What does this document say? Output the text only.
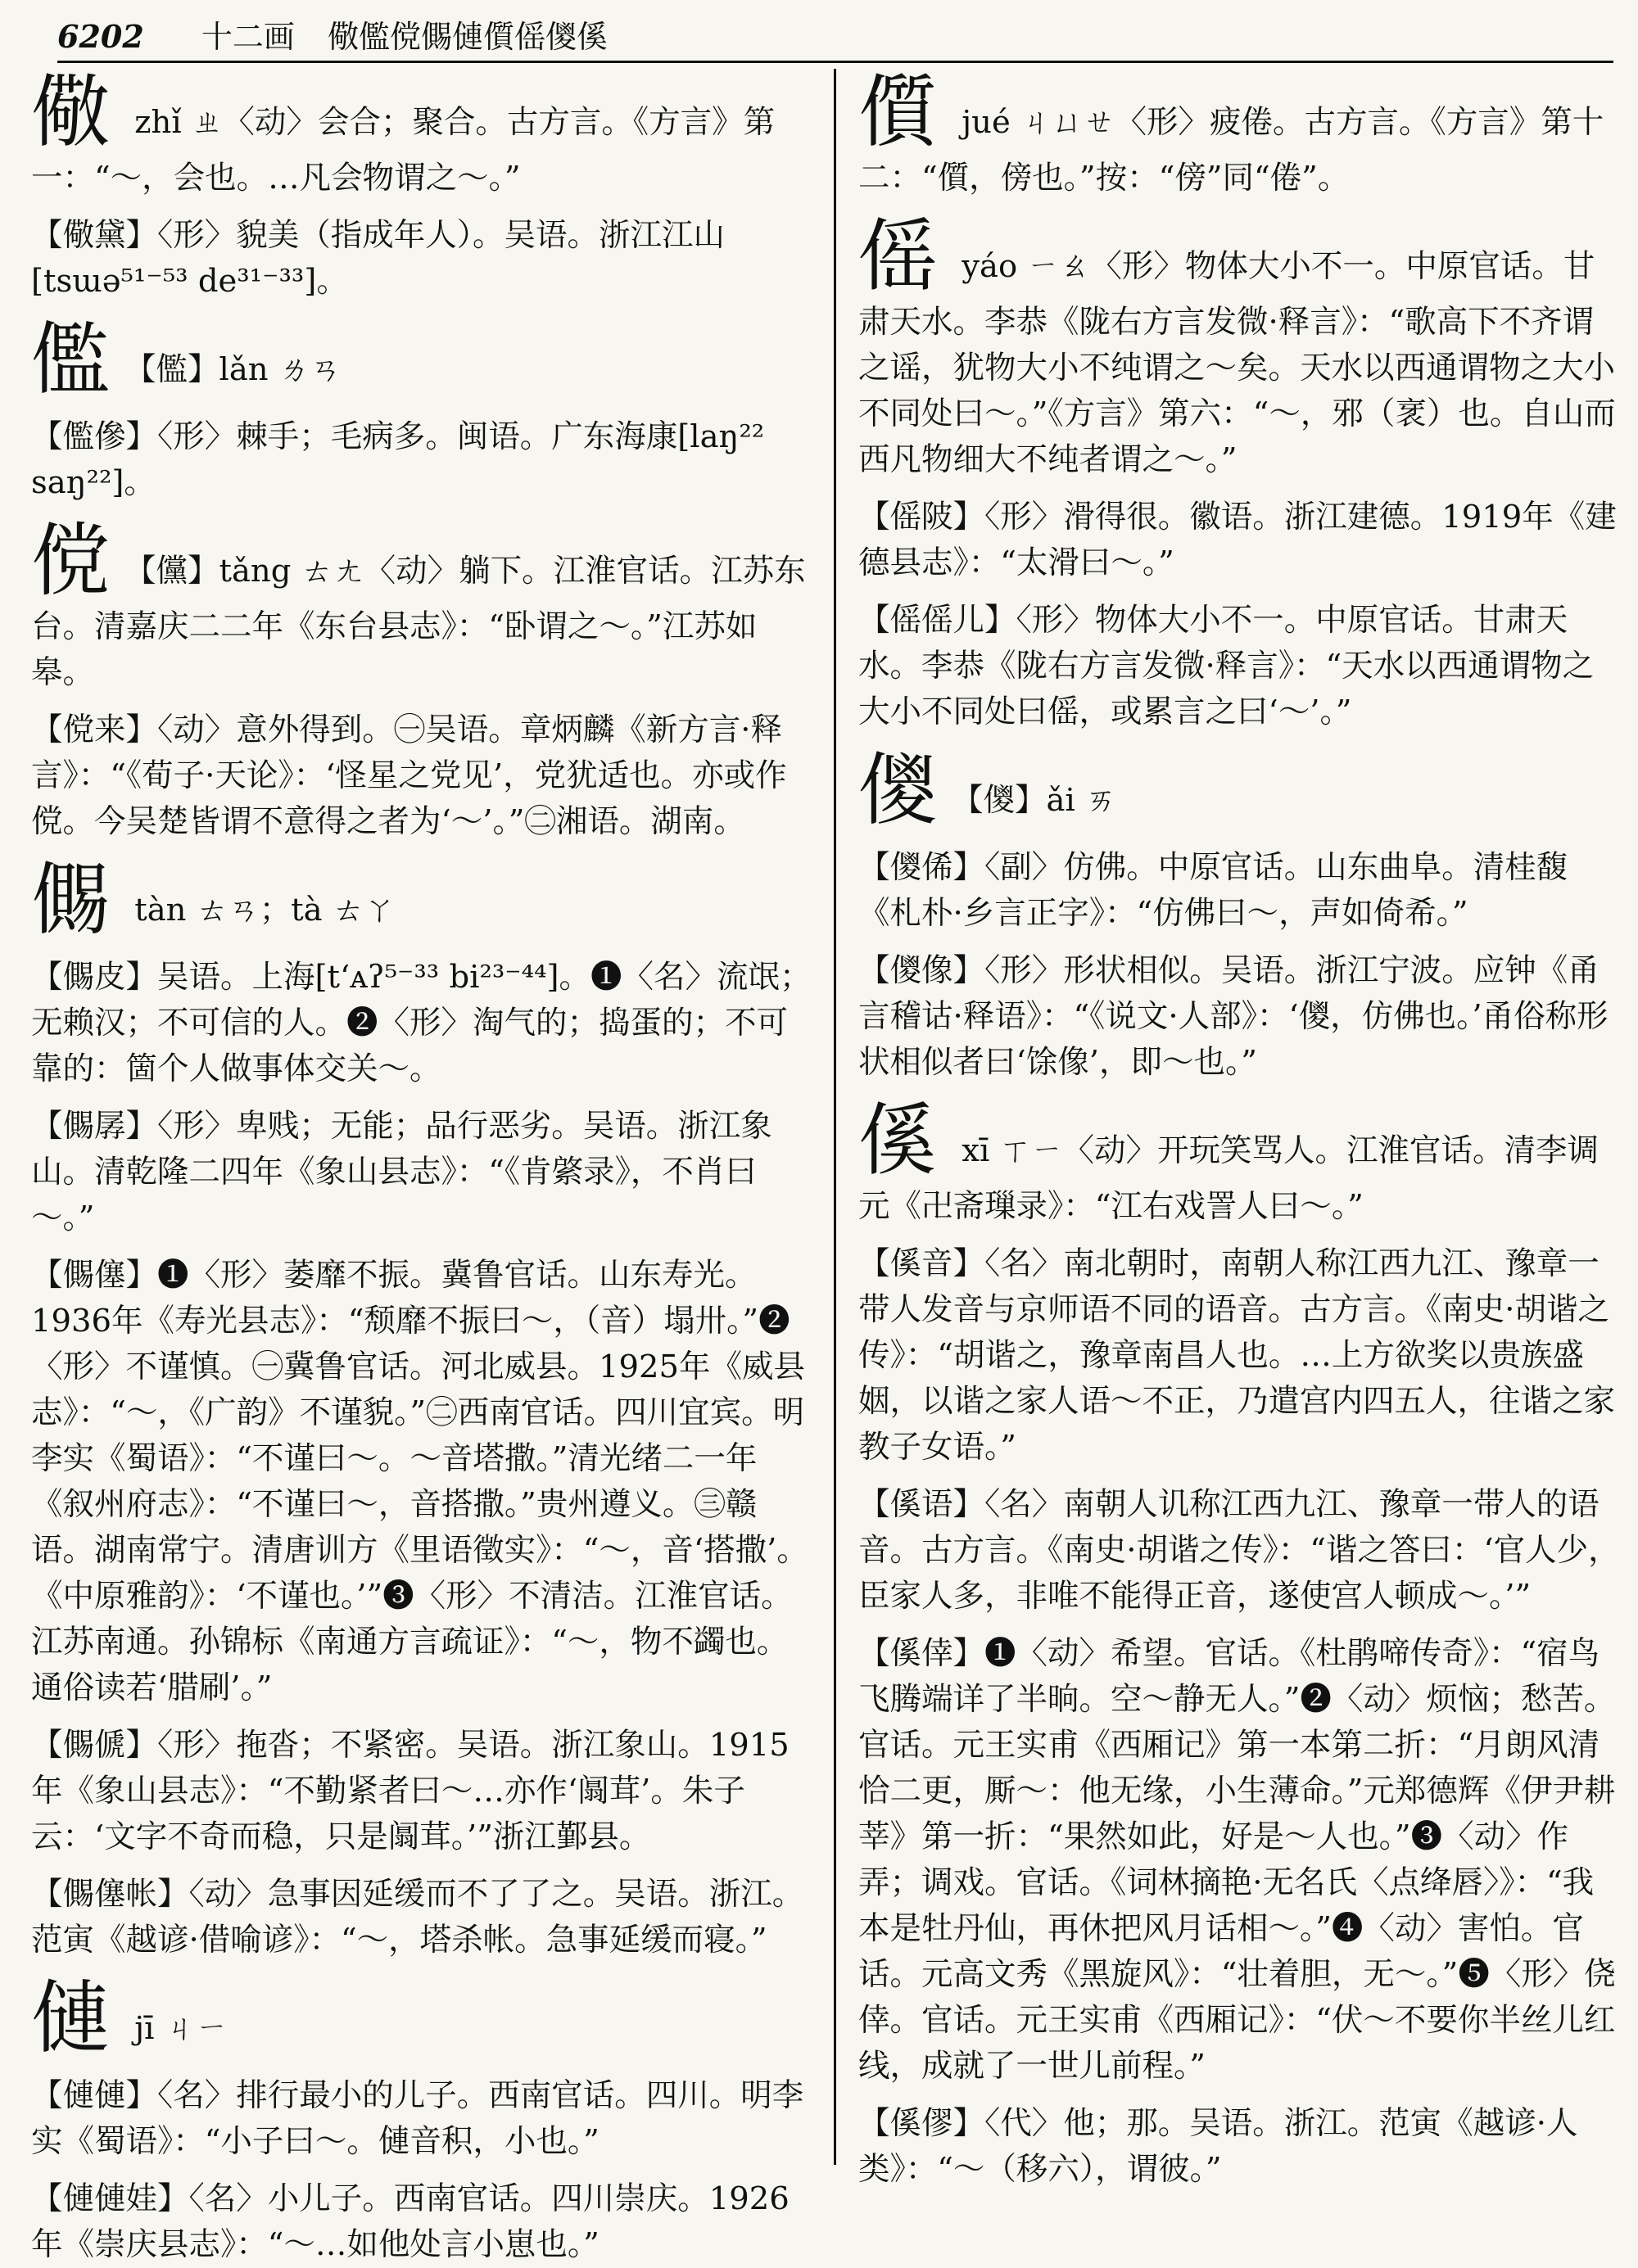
6202 十二画 儆儖傥儩僆儨傜儍傒
儆 zhǐ ㄓ〈动〉会合；聚合。古方言。《方言》第一：“～，会也。…凡会物谓之～。”
【儆黛】〈形〉貌美（指成年人）。吴语。浙江江山[tsɯə⁵¹⁻⁵³ de³¹⁻³³]。
儖 【儖】lǎn ㄌㄢ
【儖傪】〈形〉棘手；毛病多。闽语。广东海康[laŋ²² saŋ²²]。
傥 【儻】tǎng ㄊㄤ〈动〉躺下。江淮官话。江苏东台。清嘉庆二二年《东台县志》：“卧谓之～。”江苏如皋。
【傥来】〈动〉意外得到。㊀吴语。章炳麟《新方言·释言》：“《荀子·天论》：‘怪星之党见’，党犹适也。亦或作傥。今吴楚皆谓不意得之者为‘～’。”㊁湘语。湖南。
儩 tàn ㄊㄢ；tà ㄊㄚ
【儩皮】吴语。上海[tʻᴀʔ⁵⁻³³ bi²³⁻⁴⁴]。❶〈名〉流氓；无赖汉；不可信的人。❷〈形〉淘气的；捣蛋的；不可靠的：箇个人做事体交关～。
【儩孱】〈形〉卑贱；无能；品行恶劣。吴语。浙江象山。清乾隆二四年《象山县志》：“《肯綮录》，不肖曰～。”
【儩僿】❶〈形〉萎靡不振。冀鲁官话。山东寿光。1936年《寿光县志》：“颓靡不振曰～，（音）塌卅。”❷〈形〉不谨慎。㊀冀鲁官话。河北威县。1925年《威县志》：“～，《广韵》不谨貌。”㊁西南官话。四川宜宾。明李实《蜀语》：“不谨曰～。～音塔撒。”清光绪二一年《叙州府志》：“不谨曰～，音搭撒。”贵州遵义。㊂赣语。湖南常宁。清唐训方《里语徵实》：“～，音‘搭撒’。《中原雅韵》：‘不谨也。’”❸〈形〉不清洁。江淮官话。江苏南通。孙锦标《南通方言疏证》：“～，物不蠲也。通俗读若‘腊刷’。”
【儩傂】〈形〉拖沓；不紧密。吴语。浙江象山。1915年《象山县志》：“不勤紧者曰～…亦作‘阘茸’。朱子云：‘文字不奇而稳，只是阘茸。’”浙江鄞县。
【儩僿帐】〈动〉急事因延缓而不了了之。吴语。浙江。范寅《越谚·借喻谚》：“～，塔杀帐。急事延缓而寝。”
僆 jī ㄐㄧ
【僆僆】〈名〉排行最小的儿子。西南官话。四川。明李实《蜀语》：“小子曰～。僆音积，小也。”
【僆僆娃】〈名〉小儿子。西南官话。四川崇庆。1926年《崇庆县志》：“～…如他处言小崽也。”
儨 jué ㄐㄩㄝ〈形〉疲倦。古方言。《方言》第十二：“儨，傍也。”按：“傍”同“倦”。
傜 yáo ㄧㄠ〈形〉物体大小不一。中原官话。甘肃天水。李恭《陇右方言发微·释言》：“歌高下不齐谓之谣，犹物大小不纯谓之～矣。天水以西通谓物之大小不同处曰～。”《方言》第六：“～，邪（衺）也。自山而西凡物细大不纯者谓之～。”
【傜陂】〈形〉滑得很。徽语。浙江建德。1919年《建德县志》：“太滑曰～。”
【傜傜儿】〈形〉物体大小不一。中原官话。甘肃天水。李恭《陇右方言发微·释言》：“天水以西通谓物之大小不同处曰傜，或累言之曰‘～’。”
儍 【儍】ǎi ㄞ
【儍俙】〈副〉仿佛。中原官话。山东曲阜。清桂馥《札朴·乡言正字》：“仿佛曰～，声如倚希。”
【儍像】〈形〉形状相似。吴语。浙江宁波。应钟《甬言稽诂·释语》：“《说文·人部》：‘儍，仿佛也。’甬俗称形状相似者曰‘馀像’，即～也。”
傒 xī ㄒㄧ〈动〉开玩笑骂人。江淮官话。清李调元《卍斋璅录》：“江右戏詈人曰～。”
【傒音】〈名〉南北朝时，南朝人称江西九江、豫章一带人发音与京师语不同的语音。古方言。《南史·胡谐之传》：“胡谐之，豫章南昌人也。…上方欲奖以贵族盛姻，以谐之家人语～不正，乃遣宫内四五人，往谐之家教子女语。”
【傒语】〈名〉南朝人讥称江西九江、豫章一带人的语音。古方言。《南史·胡谐之传》：“谐之答曰：‘官人少，臣家人多，非唯不能得正音，遂使宫人顿成～。’”
【傒倖】❶〈动〉希望。官话。《杜鹃啼传奇》：“宿鸟飞腾端详了半晌。空～静无人。”❷〈动〉烦恼；愁苦。官话。元王实甫《西厢记》第一本第二折：“月朗风清恰二更，厮～：他无缘，小生薄命。”元郑德辉《伊尹耕莘》第一折：“果然如此，好是～人也。”❸〈动〉作弄；调戏。官话。《词林摘艳·无名氏〈点绛唇〉》：“我本是牡丹仙，再休把风月话相～。”❹〈动〉害怕。官话。元高文秀《黑旋风》：“壮着胆，无～。”❺〈形〉侥倖。官话。元王实甫《西厢记》：“伏～不要你半丝儿红线，成就了一世儿前程。”
【傒僇】〈代〉他；那。吴语。浙江。范寅《越谚·人类》：“～（移六），谓彼。”
